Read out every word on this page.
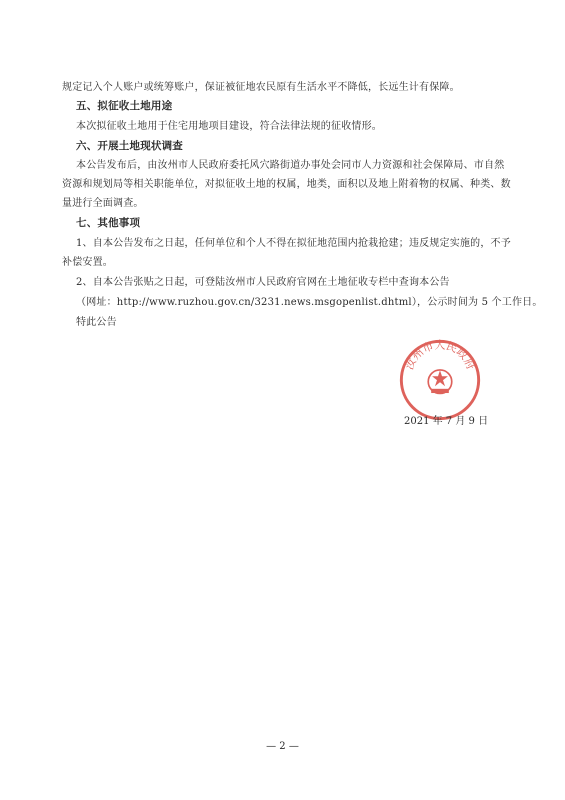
规定记入个人账户或统筹账户，保证被征地农民原有生活水平不降低，长远生计有保障。
五、拟征收土地用途
本次拟征收土地用于住宅用地项目建设，符合法律法规的征收情形。
六、开展土地现状调查
本公告发布后，由汝州市人民政府委托风穴路街道办事处会同市人力资源和社会保障局、市自然
资源和规划局等相关职能单位，对拟征收土地的权属，地类，面积以及地上附着物的权属、种类、数
量进行全面调查。
七、其他事项
1、自本公告发布之日起，任何单位和个人不得在拟征地范围内抢栽抢建；违反规定实施的，不予
补偿安置。
2、自本公告张贴之日起，可登陆汝州市人民政府官网在土地征收专栏中查询本公告
（网址：http://www.ruzhou.gov.cn/3231.news.msgopenlist.dhtml），公示时间为 5 个工作日。
特此公告
汝州市人民政府
2021 年 7 月 9 日
— 2 —
